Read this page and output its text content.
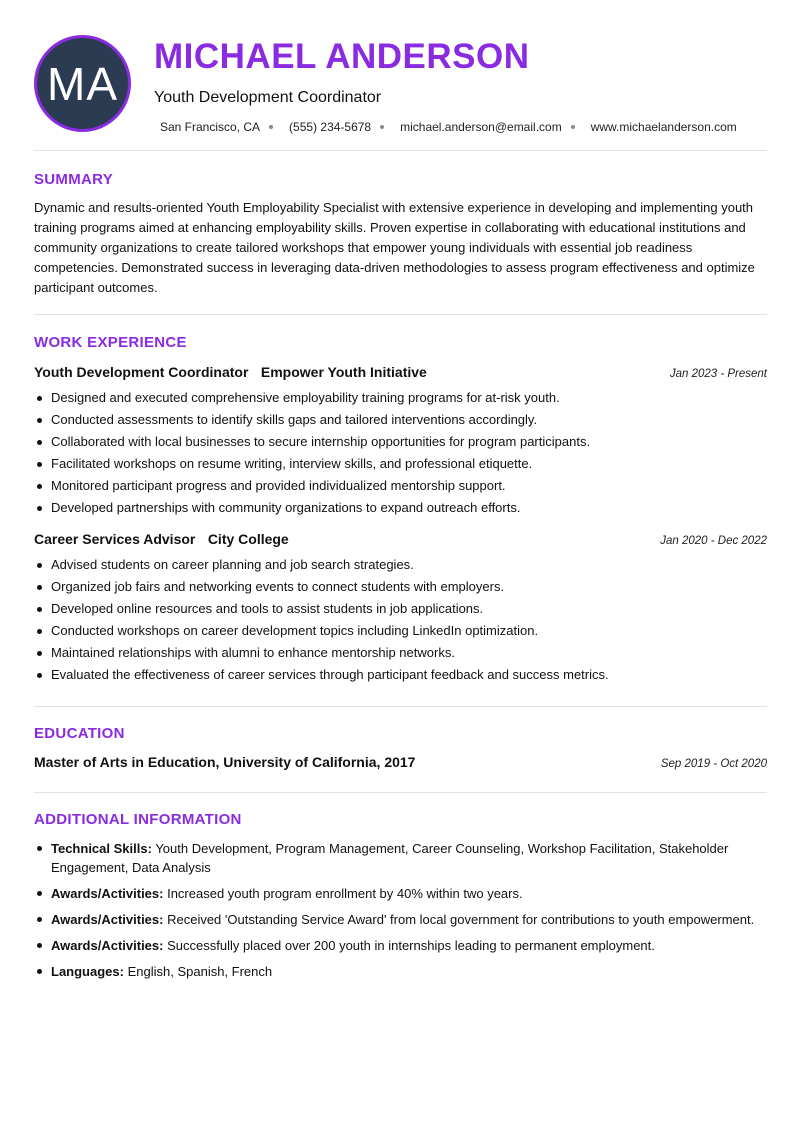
MA
MICHAEL ANDERSON
Youth Development Coordinator
San Francisco, CA (555) 234-5678 michael.anderson@email.com www.michaelanderson.com
SUMMARY

Dynamic and results-oriented Youth Employability Specialist with extensive experience in developing and implementing youth training programs aimed at enhancing employability skills. Proven expertise in collaborating with educational institutions and community organizations to create tailored workshops that empower young individuals with essential job readiness competencies. Demonstrated success in leveraging data-driven methodologies to assess program effectiveness and optimize participant outcomes.

WORK EXPERIENCE
Youth Development Coordinator Empower Youth Initiative	Jan 2023 - Present
Designed and executed comprehensive employability training programs for at-risk youth.
Conducted assessments to identify skills gaps and tailored interventions accordingly.
Collaborated with local businesses to secure internship opportunities for program participants.
Facilitated workshops on resume writing, interview skills, and professional etiquette.
Monitored participant progress and provided individualized mentorship support.
Developed partnerships with community organizations to expand outreach efforts.
Career Services Advisor City College	Jan 2020 - Dec 2022
Advised students on career planning and job search strategies.
Organized job fairs and networking events to connect students with employers.
Developed online resources and tools to assist students in job applications.
Conducted workshops on career development topics including LinkedIn optimization.
Maintained relationships with alumni to enhance mentorship networks.
Evaluated the effectiveness of career services through participant feedback and success metrics.
EDUCATION
Master of Arts in Education, University of California, 2017	Sep 2019 - Oct 2020
ADDITIONAL INFORMATION
Technical Skills: Youth Development, Program Management, Career Counseling, Workshop Facilitation, Stakeholder Engagement, Data Analysis
Awards/Activities: Increased youth program enrollment by 40% within two years.
Awards/Activities: Received 'Outstanding Service Award' from local government for contributions to youth empowerment.
Awards/Activities: Successfully placed over 200 youth in internships leading to permanent employment.
Languages: English, Spanish, French
